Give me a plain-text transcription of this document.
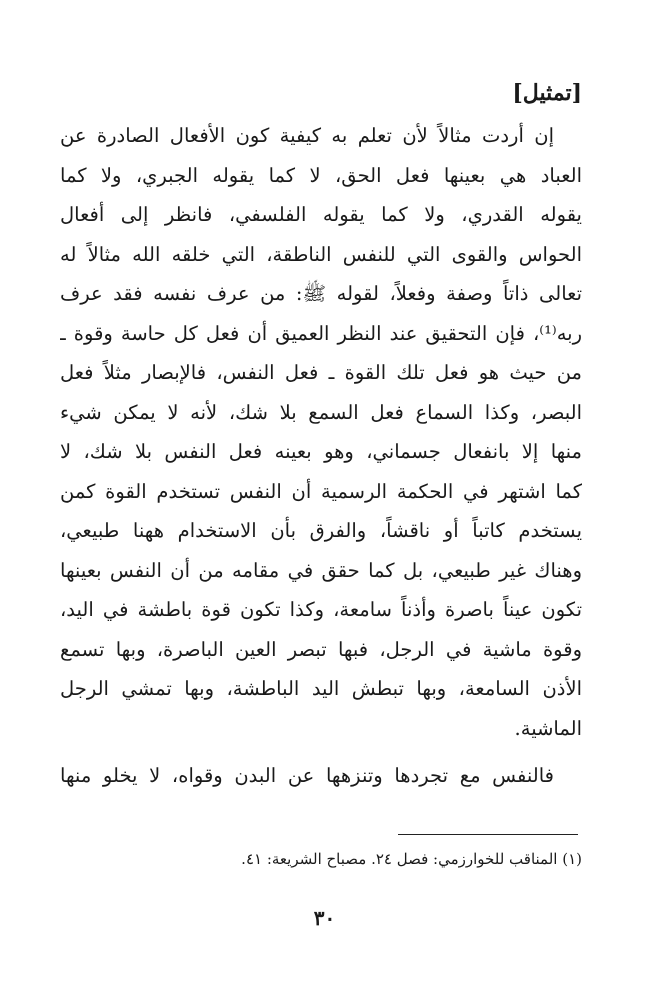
[تمثيل]
إن أردت مثالاً لأن تعلم به كيفية كون الأفعال الصادرة عن
العباد هي بعينها فعل الحق، لا كما يقوله الجبري، ولا كما
يقوله القدري، ولا كما يقوله الفلسفي، فانظر إلى أفعال
الحواس والقوى التي للنفس الناطقة، التي خلقه الله مثالاً له
تعالى ذاتاً وصفة وفعلاً، لقوله ﷺ: من عرف نفسه فقد عرف
ربه⁽¹⁾، فإن التحقيق عند النظر العميق أن فعل كل حاسة وقوة ـ
من حيث هو فعل تلك القوة ـ فعل النفس، فالإبصار مثلاً فعل
البصر، وكذا السماع فعل السمع بلا شك، لأنه لا يمكن شيء
منها إلا بانفعال جسماني، وهو بعينه فعل النفس بلا شك، لا
كما اشتهر في الحكمة الرسمية أن النفس تستخدم القوة كمن
يستخدم كاتباً أو ناقشاً، والفرق بأن الاستخدام ههنا طبيعي،
وهناك غير طبيعي، بل كما حقق في مقامه من أن النفس بعينها
تكون عيناً باصرة وأذناً سامعة، وكذا تكون قوة باطشة في اليد،
وقوة ماشية في الرجل، فبها تبصر العين الباصرة، وبها تسمع
الأذن السامعة، وبها تبطش اليد الباطشة، وبها تمشي الرجل
الماشية.
فالنفس مع تجردها وتنزهها عن البدن وقواه، لا يخلو منها
(١) المناقب للخوارزمي: فصل ٢٤. مصباح الشريعة: ٤١.
٣٠
